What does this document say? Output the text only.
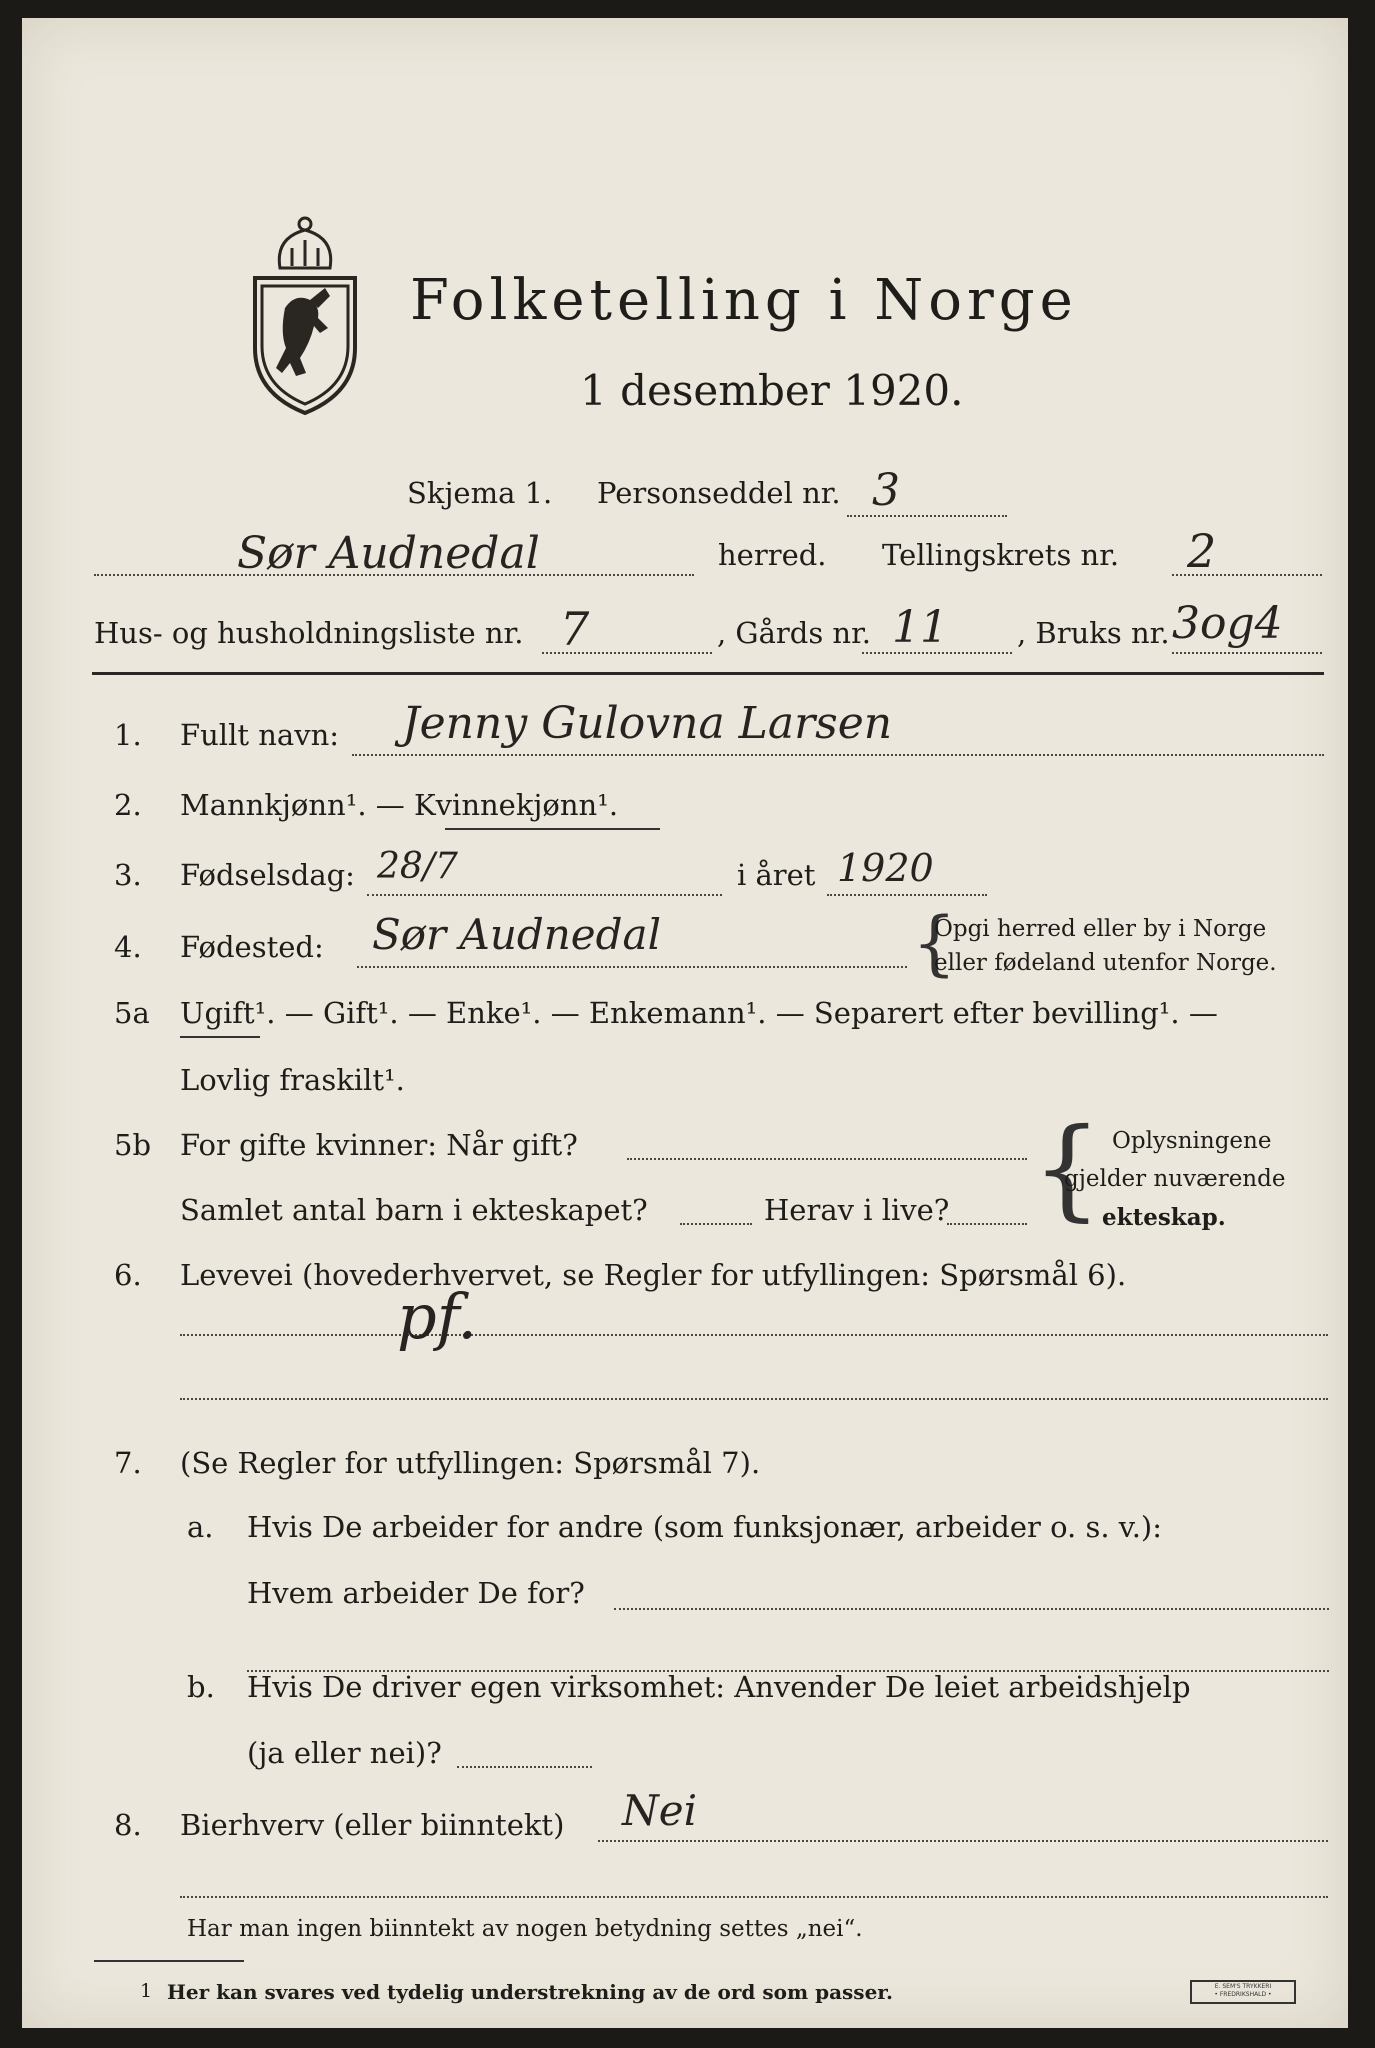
Folketelling i Norge
1 desember 1920.
Skjema 1. Personseddel nr. 3
Sør Audnedal	herred. Tellingskrets nr. 2
Hus- og husholdningsliste nr. 7	, Gårds nr. 11 , Bruks nr. 3og4
1. Fullt navn: Jenny Gulovna Larsen
2. Mannkjønn¹. — Kvinnekjønn¹.
3. Fødselsdag: 28/7	i året 1920
4. Fødested: Sør Audnedal	{
Opgi herred eller by i Norge
eller fødeland utenfor Norge.
5a Ugift¹. — Gift¹. — Enke¹. — Enkemann¹. — Separert efter bevilling¹. —
Lovlig fraskilt¹.
5b For gifte kvinner: Når gift?
Samlet antal barn i ekteskapet?	Herav i live? { Oplysningene
gjelder nuværende
ekteskap.
6. Levevei (hovederhvervet, se Regler for utfyllingen: Spørsmål 6).
pf.
7. (Se Regler for utfyllingen: Spørsmål 7).
a. Hvis De arbeider for andre (som funksjonær, arbeider o. s. v.):
Hvem arbeider De for?
b. Hvis De driver egen virksomhet: Anvender De leiet arbeidshjelp
(ja eller nei)?
8. Bierhverv (eller biinntekt) Nei
Har man ingen biinntekt av nogen betydning settes „nei“.
1 Her kan svares ved tydelig understrekning av de ord som passer.	E. SEM'S TRYKKERI
• FREDRIKSHALD •
